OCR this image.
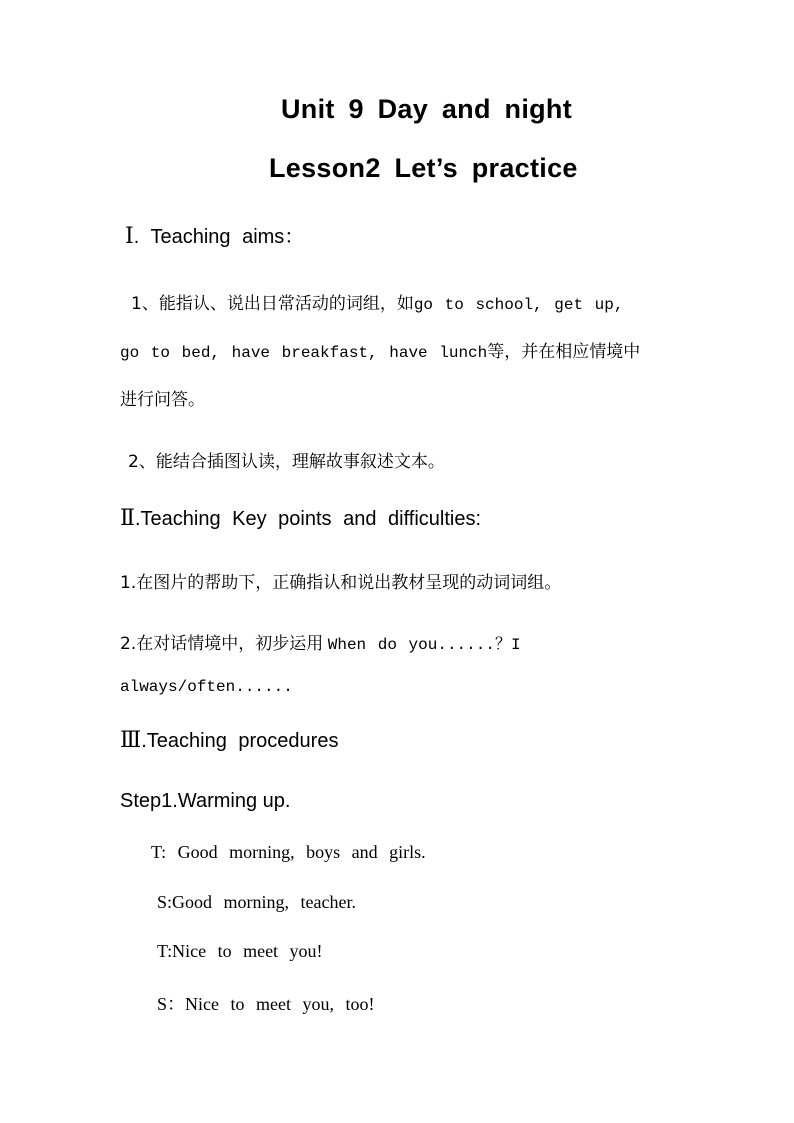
Unit 9 Day and night
Lesson2 Let’s practice
Ⅰ. Teaching aims：
1、能指认、说出日常活动的词组，如go to school, get up,
go to bed, have breakfast, have lunch等，并在相应情境中
进行问答。
2、能结合插图认读，理解故事叙述文本。
Ⅱ.Teaching Key points and difficulties:
1.在图片的帮助下，正确指认和说出教材呈现的动词词组。
2.在对话情境中，初步运用 When do you......？I
always/often......
Ⅲ.Teaching procedures
Step1.Warming up.
T: Good morning, boys and girls.
S:Good morning, teacher.
T:Nice to meet you!
S：Nice to meet you, too!
